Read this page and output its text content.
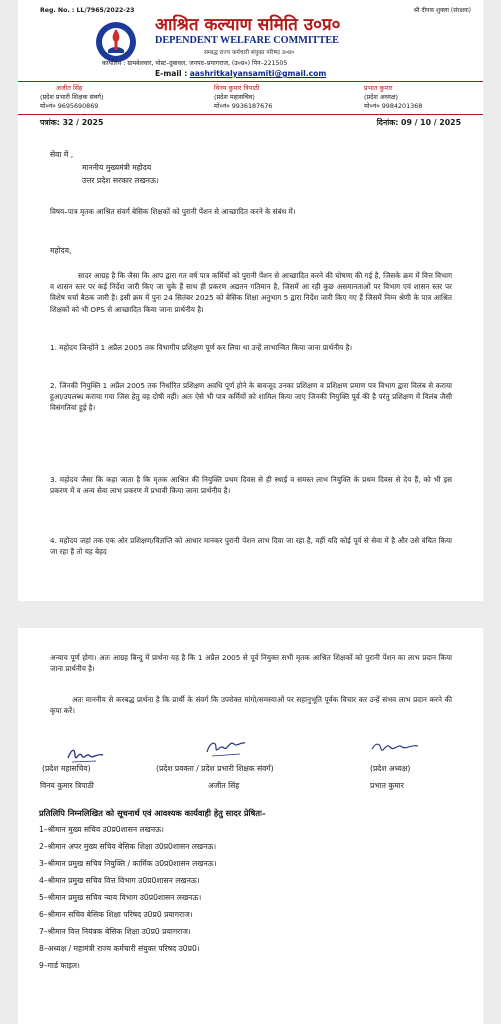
Reg. No. : LL/7965/2022-23	श्री दीपक शुक्ला (संरक्षक)
आश्रित कल्याण समिति उ०प्र०
DEPENDENT WELFARE COMMITTEE
सम्बद्ध राज्य कर्मचारी संयुक्त परिषद उ०प्र०
कार्यालय : ग्रामबेलवार, पोस्ट–दुबावल, जनपद–प्रयागराज, (उ०प्र०) पिन–221505
E-mail : aashritkalyansamiti@gmail.com
अजीत सिंह
(प्रदेश प्रभारी शिक्षक संवर्ग)
मो०नं० 9695690869
विनय कुमार त्रिपाठी
(प्रदेश महासचिव)
मो०नं० 9936187676
प्रभात कुमार
(प्रदेश अध्यक्ष)
मो०नं० 9984201368
पत्रांक: 32 / 2025	दिनांक: 09 / 10 / 2025
सेवा में ,
माननीय मुख्यमंत्री महोदय
उत्तर प्रदेश सरकार लखनऊ।
विषय–पात्र मृतक आश्रित संवर्ग बेसिक शिक्षकों को पुरानी पेंशन से आच्छादित करने के संबंध में।
महोदय,
सादर आग्रह है कि जैसा कि आप द्वारा गत वर्ष पात्र कर्मियों को पुरानी पेंशन से आच्छादित करने की घोषणा की गई है, जिसके क्रम में वित्त विभाग व शासन स्तर पर कई निर्देश जारी किए जा चुके हैं साथ ही प्रकरण अद्यतन गतिमान है, जिसमें आ रही कुछ असमानताओं पर विभाग एवं शासन स्तर पर विशेष चर्चा बैठक जारी है। इसी क्रम में पुनः 24 सितंबर 2025 को बेसिक शिक्षा अनुभाग 5 द्वारा निर्देश जारी किए गए हैं जिसमें निम्न श्रेणी के पात्र आश्रित शिक्षकों को भी OPS से आच्छादित किया जाना प्रार्थनीय है।
1. महोदय जिन्होंने 1 अप्रैल 2005 तक विभागीय प्रशिक्षण पूर्ण कर लिया था उन्हें लाभान्वित किया जाना प्रार्थनीय है।
2. जिनकी नियुक्ति 1 अप्रैल 2005 तक निर्धारित प्रशिक्षण अवधि पूर्ण होने के बावजूद उनका प्रशिक्षण व प्रशिक्षण प्रमाण पत्र विभाग द्वारा विलंब से कराया हुआ/उपलब्ध कराया गया जिस हेतु वह दोषी नहीं। अतः ऐसे भी पात्र कर्मियों को शामिल किया जाए जिनकी नियुक्ति पूर्व की है परंतु प्रशिक्षण में विलंब जैसी विसंगतियां हुई है।
3. महोदय जैसा कि कहा जाता है कि मृतक आश्रित की नियुक्ति प्रथम दिवस से ही स्थाई व समस्त लाभ नियुक्ति के प्रथम दिवस से देय हैं, को भी इस प्रकरण में व अन्य सेवा लाभ प्रकरण में प्रभावी किया जाना प्रार्थनीय है।
4. महोदय जहां तक एक ओर प्रशिक्षण/विज्ञप्ति को आधार मानकर पुरानी पेंशन लाभ दिया जा रहा है, वहीं यदि कोई पूर्व से सेवा में है और उसे वंचित किया जा रहा है तो यह बेहद
अन्याय पूर्ण होगा। अतः आग्रह बिन्दु में प्रार्थना यह है कि 1 अप्रैल 2005 से पूर्व नियुक्त सभी मृतक आश्रित शिक्षकों को पुरानी पेंशन का लाभ प्रदान किया जाना प्रार्थनीय है।
अतः माननीय से करबद्ध प्रार्थना है कि प्रार्थी के संवर्ग कि उपरोक्त मांगो/समस्याओं पर सहानुभूति पूर्वक विचार कर उन्हें संभव लाभ प्रदान करने की कृपा करें।
(प्रदेश महासचिव)
विनय कुमार त्रिपाठी
(प्रदेश प्रवक्ता / प्रदेश प्रभारी शिक्षक संवर्ग)
अजीत सिंह
(प्रदेश अध्यक्ष)
प्रभात कुमार
प्रतिलिपि निम्नलिखित को सूचनार्थ एवं आवश्यक कार्यवाही हेतु सादर प्रेषितः–
1–श्रीमान मुख्य सचिव उ0प्र0शासन लखनऊ।
2–श्रीमान अपर मुख्य सचिव बेसिक शिक्षा उ0प्र0शासन लखनऊ।
3–श्रीमान प्रमुख सचिव नियुक्ति / कार्मिक उ0प्र0शासन लखनऊ।
4–श्रीमान प्रमुख सचिव वित्त विभाग उ0प्र0शासन लखनऊ।
5–श्रीमान प्रमुख सचिव न्याय विभाग उ0प्र0शासन लखनऊ।
6–श्रीमान सचिव बेसिक शिक्षा परिषद उ0प्र0 प्रयागराज।
7–श्रीमान वित्त नियंत्रक बेसिक शिक्षा उ0प्र0 प्रयागराज।
8–अध्यक्ष / महामंत्री राज्य कर्मचारी संयुक्त परिषद उ0प्र0।
9–गार्ड फाइल।
